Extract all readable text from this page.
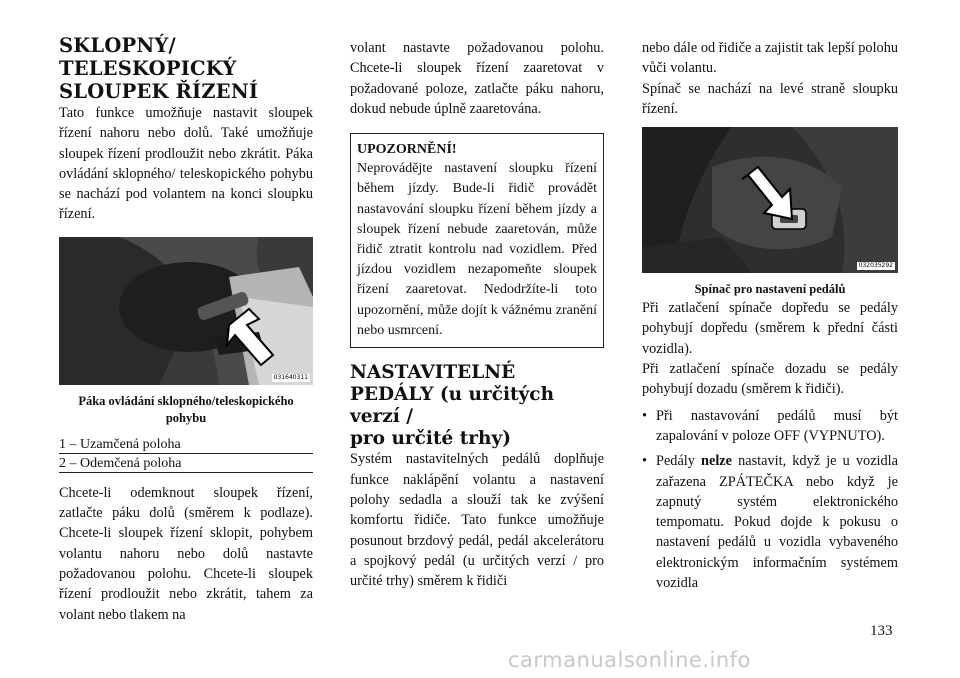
SKLOPNÝ/
TELESKOPICKÝ
SLOUPEK ŘÍZENÍ

Tato funkce umožňuje nastavit sloupek řízení nahoru nebo dolů. Také umožňuje sloupek řízení prodloužit nebo zkrátit. Páka ovládání sklopného/ teleskopického pohybu se nachází pod volantem na konci sloupku řízení.

031640311
Páka ovládání sklopného/teleskopického pohybu
1 – Uzamčená poloha
2 – Odemčená poloha

Chcete-li odemknout sloupek řízení, zatlačte páku dolů (směrem k podlaze). Chcete-li sloupek řízení sklopit, pohybem volantu nahoru nebo dolů nastavte požadovanou polohu. Chcete-li sloupek řízení prodloužit nebo zkrátit, tahem za volant nebo tlakem na

volant nastavte požadovanou polohu. Chcete-li sloupek řízení zaaretovat v požadované poloze, zatlačte páku nahoru, dokud nebude úplně zaaretována.

UPOZORNĚNÍ!

Neprovádějte nastavení sloupku řízení během jízdy. Bude-li řidič provádět nastavování sloupku řízení během jízdy a sloupek řízení nebude zaaretován, může řidič ztratit kontrolu nad vozidlem. Před jízdou vozidlem nezapomeňte sloupek řízení zaaretovat. Nedodržíte-li toto upozornění, může dojít k vážnému zranění nebo usmrcení.

NASTAVITELNÉ
PEDÁLY (u určitých verzí /
pro určité trhy)

Systém nastavitelných pedálů doplňuje funkce naklápění volantu a nastavení polohy sedadla a slouží tak ke zvýšení komfortu řidiče. Tato funkce umožňuje posunout brzdový pedál, pedál akcelerátoru a spojkový pedál (u určitých verzí / pro určité trhy) směrem k řidiči

nebo dále od řidiče a zajistit tak lepší polohu vůči volantu.

Spínač se nachází na levé straně sloupku řízení.

032035292
Spínač pro nastavení pedálů

Při zatlačení spínače dopředu se pedály pohybují dopředu (směrem k přední části vozidla).

Při zatlačení spínače dozadu se pedály pohybují dozadu (směrem k řidiči).

• Při nastavování pedálů musí být zapalování v poloze OFF (VYPNUTO).
• Pedály nelze nastavit, když je u vozidla zařazena ZPÁTEČKA nebo když je zapnutý systém elektronického tempomatu. Pokud dojde k pokusu o nastavení pedálů u vozidla vybaveného elektronickým informačním systémem vozidla
133
carmanualsonline.info
